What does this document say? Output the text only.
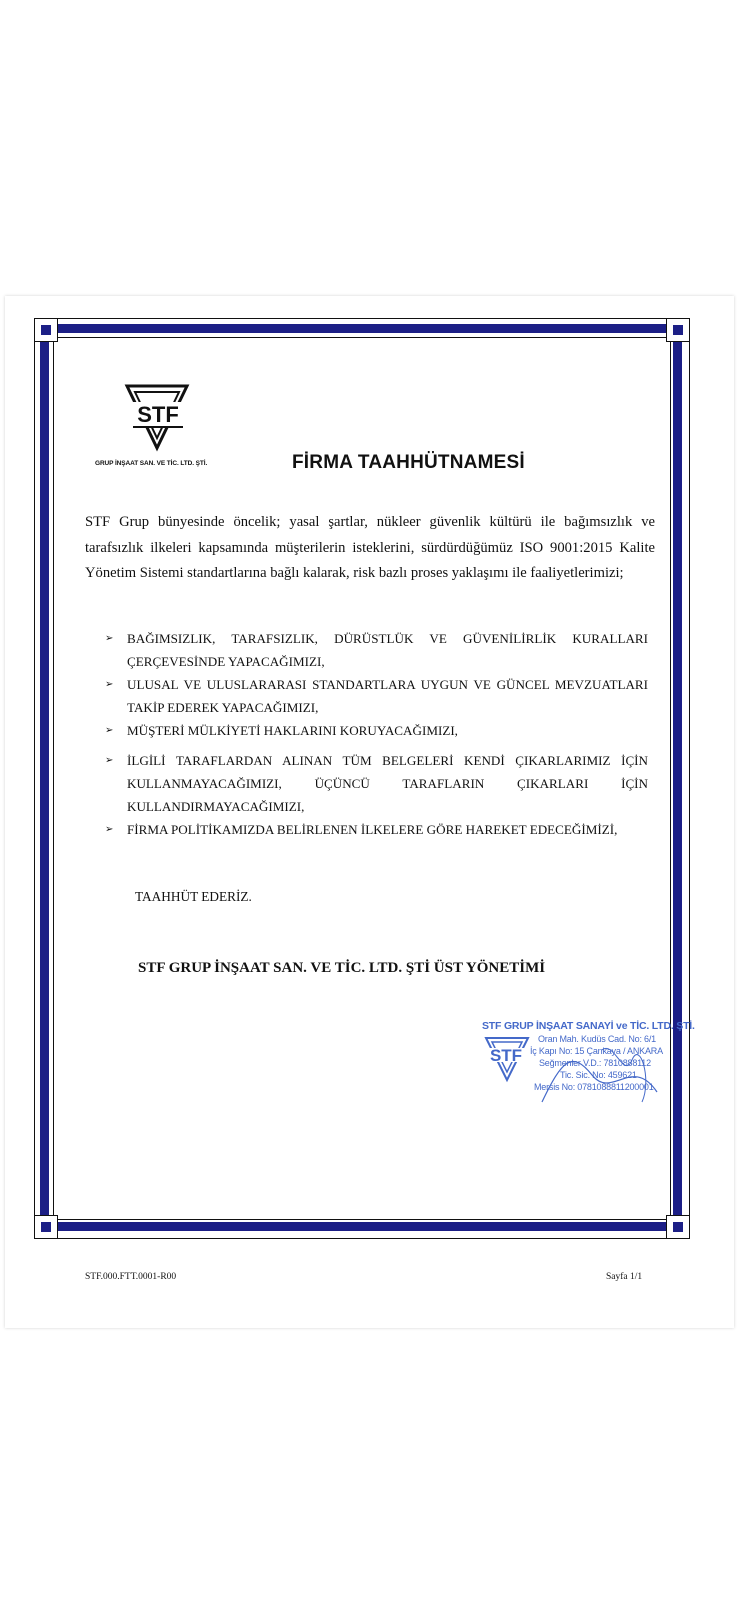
STF
GRUP İNŞAAT SAN. VE TİC. LTD. ŞTİ.	FİRMA TAAHHÜTNAMESİ

STF Grup bünyesinde öncelik; yasal şartlar, nükleer güvenlik kültürü ile bağımsızlık ve tarafsızlık ilkeleri kapsamında müşterilerin isteklerini, sürdürdüğümüz ISO 9001:2015 Kalite Yönetim Sistemi standartlarına bağlı kalarak, risk bazlı proses yaklaşımı ile faaliyetlerimizi;

➢ BAĞIMSIZLIK, TARAFSIZLIK, DÜRÜSTLÜK VE GÜVENİLİRLİK KURALLARI ÇERÇEVESİNDE YAPACAĞIMIZI,
➢ ULUSAL VE ULUSLARARASI STANDARTLARA UYGUN VE GÜNCEL MEVZUATLARI TAKİP EDEREK YAPACAĞIMIZI,
➢ MÜŞTERİ MÜLKİYETİ HAKLARINI KORUYACAĞIMIZI,
➢ İLGİLİ TARAFLARDAN ALINAN TÜM BELGELERİ KENDİ ÇIKARLARIMIZ İÇİN KULLANMAYACAĞIMIZI, ÜÇÜNCÜ TARAFLARIN ÇIKARLARI İÇİN KULLANDIRMAYACAĞIMIZI,
➢ FİRMA POLİTİKAMIZDA BELİRLENEN İLKELERE GÖRE HAREKET EDECEĞİMİZİ,
TAAHHÜT EDERİZ.
STF GRUP İNŞAAT SAN. VE TİC. LTD. ŞTİ ÜST YÖNETİMİ
STF
STF GRUP İNŞAAT SANAYİ ve TİC. LTD. ŞTİ.
Oran Mah. Kudüs Cad. No: 6/1
İç Kapı No: 15 Çankaya / ANKARA
Seğmenler V.D.: 7810888112
Tic. Sic. No: 459621
Mersis No: 0781088811200001
STF.000.FTT.0001-R00	Sayfa 1/1
